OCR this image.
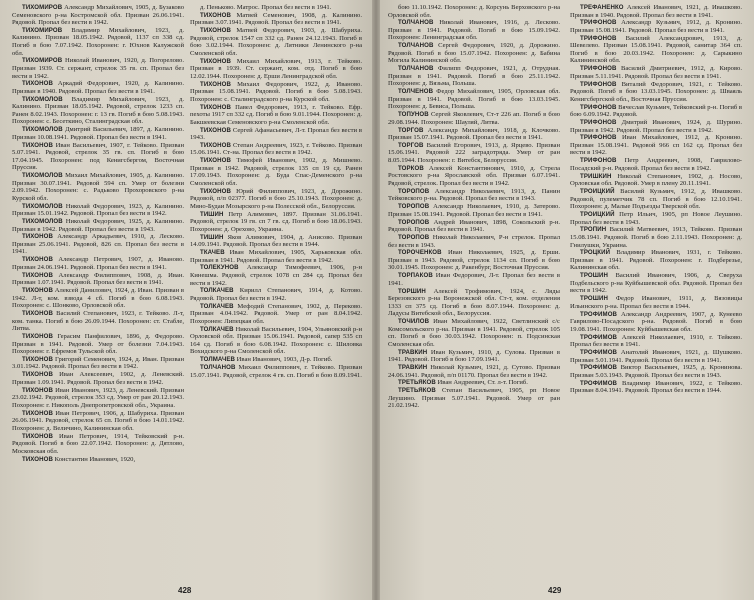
ТИХОМИРОВ Александр Михайлович, 1905, д. Бузаково Семеновского р-на Костромской обл. Призван 26.06.1941. Рядовой. Пропал без вести в 1942.

ТИХОМИРОВ Владимир Михайлович, 1923, д. Калинино. Призван 18.05.1942. Рядовой, 1137 сп 338 сд. Погиб в бою 7.07.1942. Похоронен: г. Юхнов Калужской обл.

ТИХОМИРОВ Николай Иванович, 1920, д. Погорелово. Призван 1939. Ст. сержант, стрелок 35 гв. сп. Пропал без вести в 1942.

ТИХОНОВ Аркадий Федорович, 1920, д. Калинино. Призван в 1940. Рядовой. Пропал без вести в 1941.

ТИХОМОЛОВ Владимир Михайлович, 1923, д. Калинино. Призван 18.05.1942. Рядовой, стрелок 1233 сп. Ранен 8.02.1943. Похоронен: г. 13 гв. Погиб в бою 5.08.1943. Похоронен: с. Бесеткино, Сталинградская обл.

ТИХОМОЛОВ Дмитрий Васильевич, 1897, д. Калинино. Призван 10.08.1941. Рядовой. Пропал без вести в 1941.

ТИХОНОВ Иван Васильевич, 1907, г. Тейково. Призван 5.07.1941. Рядовой, стрелок 35 гв. сп. Погиб в бою 17.04.1945. Похоронен: под Кенигсбергом, Восточная Пруссия.

ТИХОМОЛОВ Михаил Михайлович, 1905, д. Калинино. Призван 30.07.1941. Рядовой 594 сп. Умер от болезни 2.09.1942. Похоронен: с. Радьково Прохоровского р-на Курской обл.

ТИХОМОЛОВ Николай Федорович, 1923, д. Калинино. Призван 15.01.1942. Рядовой. Пропал без вести в 1942.

ТИХОМОЛОВ Николай Федорович, 1925, д. Калинино. Призван в 1942. Рядовой. Пропал без вести в 1943.

ТИХОНОВ Александр Аркадьевич, 1910, д. Лесково. Призван 25.06.1941. Рядовой, 826 сп. Пропал без вести в 1941.

ТИХОНОВ Александр Петрович, 1907, д. Иваново. Призван 24.06.1941. Рядовой. Пропал без вести в 1941.

ТИХОНОВ Александр Филиппович, 1908, д. Иван. Призван 1.07.1941. Рядовой. Пропал без вести в 1941.

ТИХОНОВ Алексей Данилович, 1924, д. Иван. Призван в 1942. Л-т, ком. взвода 4 сб. Погиб в бою 6.08.1943. Похоронен: с. Шонково, Орловской обл.

ТИХОНОВ Василий Степанович, 1923, г. Тейково. Л-т, ком. танка. Погиб в бою 26.09.1944. Похоронен: ст. Стабле, Литва.

ТИХОНОВ Герасим Панфилович, 1896, д. Федорово. Призван в 1941. Рядовой. Умер от болезни 7.04.1943. Похоронен: г. Ефремов Тульской обл.

ТИХОНОВ Григорий Семенович, 1924, д. Иван. Призван 3.01.1942. Рядовой. Пропал без вести в 1942.

ТИХОНОВ Иван Алексеевич, 1902, д. Леневский. Призван 1.09.1941. Рядовой. Пропал без вести в 1942.

ТИХОНОВ Иван Иванович, 1923, д. Леневский. Призван 23.02.1942. Рядовой, стрелок 353 сд. Умер от ран 20.12.1943. Похоронен: г. Никополь Днепропетровской обл., Украина.

ТИХОНОВ Иван Петрович, 1906, д. Шабурихa. Призван 26.06.1941. Рядовой, стрелок 65 сп. Погиб в бою 14.01.1942. Похоронен: д. Величино, Калининская обл.

ТИХОНОВ Иван Петрович, 1914, Тейковский р-н. Рядовой. Погиб в бою 22.07.1942. Похоронен: д. Дятлово, Московская обл.

ТИХОНОВ Константин Иванович, 1920,

д. Пеньково. Матрос. Пропал без вести в 1941.

ТИХОНОВ Матвей Семенович, 1908, д. Калинино. Призван 3.07.1941. Рядовой. Пропал без вести в 1941.

ТИХОНОВ Матвей Федорович, 1903, д. Шабурихa. Рядовой, стрелок 1547 сп 332 сд. Ранен 24.12.1943. Погиб в бою 3.02.1944. Похоронен: д. Лятники Ленинского р-на Смоленской обл.

ТИХОНОВ Михаил Михайлович, 1913, г. Тейково. Призван в 1939. Ст. сержант, ком. отд. Погиб в бою 12.02.1944. Похоронен: д. Ерши Ленинградской обл.

ТИХОНОВ Михаил Федорович, 1922, д. Иваново. Призван 15.08.1941. Рядовой. Погиб в бою 5.08.1943. Похоронен: с. Сталинградского р-на Курской обл.

ТИХОНОВ Павел Федорович, 1913, г. Тейково. Ефр. пехоты 1917 сп 332 сд. Погиб в бою 9.01.1944. Похоронен: д. Бакшеевская Семеновского р-на Смоленской обл.

ТИХОНОВ Сергей Афанасьевич, Л-т. Пропал без вести в 1943.

ТИХОНОВ Степан Андреевич, 1923, г. Тейково. Призван 15.06.1941. Ст-на. Пропал без вести в 1942.

ТИХОНОВ Тимофей Иванович, 1902, д. Мишнево. Призван в 1942. Рядовой, стрелок 135 сп 19 сд. Ранен 17.09.1943. Похоронен: д. Буда Спас-Деменского р-на Смоленской обл.

ТИХОНОВ Юрий Филиппович, 1923, д. Дорожино. Рядовой, п/п 02377. Погиб в бою 25.10.1943. Похоронен: д. Мяно-Будаи Мозырского р-на Полесской обл., Белоруссия.

ТИШИН Петр Алимович, 1897. Призван 31.06.1941. Рядовой, стрелок 19 гв. сп 7 гв. сд. Погиб в бою 18.06.1943. Похоронен: д. Орехово, Украина.

ТИШИН Яков Алимович, 1904, д. Анисово. Призван 14.09.1941. Рядовой. Пропал без вести в 1944.

ТКАЧЕВ Иван Михайлович, 1905, Харьковская обл. Призван в 1941. Рядовой. Пропал без вести в 1942.

ТОЛЕКУНОВ Александр Тимофеевич, 1906, р-н Кинешма. Рядовой, стрелок 1078 сп 284 сд. Пропал без вести в 1942.

ТОЛКАЧЕВ Кирилл Степанович, 1914, д. Котово. Рядовой. Пропал без вести в 1942.

ТОЛКАЧЕВ Мефодий Степанович, 1902, д. Переково. Призван 4.04.1942. Рядовой. Умер от ран 8.04.1942. Похоронен: Липецкая обл.

ТОЛКАЧЕВ Николай Васильевич, 1904, Ульяновский р-н Орловской обл. Призван 15.06.1941. Рядовой, сапер 535 сп 164 сд. Погиб в бою 6.08.1942. Похоронен: с. Шиловка Вохидского р-на Смоленской обл.

ТОЛМАЧЕВ Иван Иванович, 1903, Д-р. Погиб.

ТОЛЧАНОВ Михаил Филиппович, г. Тейково. Призван 15.07.1941. Рядовой, стрелок 4 гв. сп. Погиб в бою 8.09.1941.

428

бою 11.10.1942. Похоронен: д. Корсунь Верховского р-на Орловской обл.

ТОЛЧАНОВ Николай Иванович, 1916, д. Лесково. Призван в 1941. Рядовой. Погиб в бою 15.09.1942. Похоронен: Ленинградская обл.

ТОЛЧАНОВ Сергей Федорович, 1920, д. Дорожино. Рядовой. Погиб в бою 15.07.1942. Похоронен: д. Бабина Могила Калининской обл.

ТОЛЧАНОВ Филипп Федорович, 1921, д. Отрудная. Призван в 1941. Рядовой. Погиб в бою 25.11.1942. Похоронен: д. Вязьма, Польша.

ТОЛЧЕНОВ Федор Михайлович, 1905, Орловская обл. Призван в 1941. Рядовой. Погиб в бою 13.03.1945. Похоронен: д. Бевиса, Польша.

ТОПУНОВ Сергей Яковлевич, Ст-т 226 ап. Погиб в бою 29.08.1944. Похоронен: Шауляй, Литва.

ТОРГОВ Александр Михайлович, 1918, д. Клочково. Призван 15.07.1941. Рядовой. Пропал без вести в 1941.

ТОРГОВ Василий Егорович, 1913, д. Ярцево. Призван 15.06.1941. Рядовой 222 заградотряда. Умер от ран 8.05.1944. Похоронен: г. Витебск, Белоруссия.

ТОРКОВ Алексей Константинович, 1910, д. Стрела Ростовского р-на Ярославской обл. Призван 6.07.1941. Рядовой, стрелок. Пропал без вести в 1942.

ТОРОПОВ Александр Николаевич, 1913, д. Панин Тейковского р-на. Рядовой. Пропал без вести в 1943.

ТОРОПОВ Александр Николаевич, 1910, д. Затерово. Призван 15.08.1941. Рядовой. Пропал без вести в 1941.

ТОРОПОВ Андрей Иванович, 1898, Сокольский р-н. Рядовой. Пропал без вести в 1941.

ТОРОПОВ Николай Николаевич, Р-н стрелок. Пропал без вести в 1943.

ТОРОЧЕНКОВ Иван Николаевич, 1925, д. Ерши. Призван в 1943. Рядовой, стрелок 1134 сп. Погиб в бою 30.01.1945. Похоронен: д. Ракенбург, Восточная Пруссия.

ТОРПАКОВ Иван Федорович, Л-т. Пропал без вести в 1941.

ТОРШИН Алексей Трофимович, 1924, с. Ляды Березовского р-на Воронежской обл. Ст-т, ком. отделения 1333 сп 375 сд. Погиб в бою 8.07.1944. Похоронен: д. Ладусы Витебской обл., Белоруссия.

ТОЧИЛОВ Иван Михайлович, 1922, Светлинский с/с Комсомольского р-на. Призван в 1941. Рядовой, стрелок 105 сп. Погиб в бою 30.03.1942. Похоронен: п. Подсинская Смоленская обл.

ТРАВКИН Иван Кузьмич, 1910, д. Сулова. Призван в 1941. Рядовой. Погиб в бою 17.09.1941.

ТРАВКИН Николай Кузьмич, 1921, д. Сутово. Призван 24.06.1941. Рядовой, п/п 01170. Пропал без вести в 1942.

ТРЕТЬЯКОВ Иван Андреевич, Ст. л-т. Погиб.

ТРЕТЬЯКОВ Степан Васильевич, 1905, рп Новое Леушино. Призван 5.07.1941. Рядовой. Умер от ран 21.02.1942.

ТРЕФАНЕНКО Алексей Иванович, 1921, д. Ивашково. Призван в 1940. Рядовой. Пропал без вести в 1941.

ТРИФОНОВ Александр Кузьмич, 1912, д. Кронино. Призван 15.08.1941. Рядовой. Пропал без вести в 1941.

ТРИФОНОВ Василий Александрович, 1913, д. Шевелево. Призван 15.08.1941. Рядовой, санитар 364 сп. Погиб в бою 20.03.1942. Похоронен: д. Сарыкино Калининской обл.

ТРИФОНОВ Василий Дмитриевич, 1912, д. Кирово. Призван 5.11.1941. Рядовой. Пропал без вести в 1941.

ТРИФОНОВ Виталий Федорович, 1921, г. Тейково. Рядовой. Погиб в бою 13.03.1945. Похоронен: д. Шваяль Кенигсбергской обл., Восточная Пруссия.

ТРИФОНОВ Вячеслав Кузьмич, Тейковский р-н. Погиб в бою 6.09.1942. Рядовой.

ТРИФОНОВ Дмитрий Иванович, 1924, д. Шурино. Призван в 1942. Рядовой. Пропал без вести в 1942.

ТРИФОНОВ Иван Михайлович, 1912, д. Кронино. Призван 15.08.1941. Рядовой 966 сп 162 сд. Пропал без вести в 1942.

ТРИФОНОВ Петр Андреевич, 1908, Гавриловo-Посадский р-н. Рядовой. Пропал без вести в 1942.

ТРИШКИН Николай Степанович, 1902, д. Носово, Орловская обл. Рядовой. Умер в плену 20.11.1941.

ТРОИЦКИЙ Василий Кузьмич, 1912, д. Ивашково. Рядовой, пулеметчик 78 сп. Погиб в бою 12.10.1941. Похоронен: д. Малые Подъезды Тверской обл.

ТРОИЦКИЙ Петр Ильич, 1905, рп Новое Леушино. Пропал без вести в 1943.

ТРОПИН Василий Матвеевич, 1913, Тейково. Призван 15.08.1941. Рядовой. Погиб в бою 2.11.1943. Похоронен: д. Гнилушки, Украина.

ТРОЦКИЙ Владимир Иванович, 1931, г. Тейково. Призван в 1941. Рядовой. Похоронен: г. Подберезье, Калининская обл.

ТРОШИН Василий Иванович, 1906, д. Сверуха Подбельского р-на Куйбышевской обл. Рядовой. Пропал без вести в 1942.

ТРОШИН Федор Иванович, 1911, д. Вязовицы Ильинского р-на. Пропал без вести в 1944.

ТРОФИМОВ Александр Андреевич, 1907, д. Кунеево Гаврилово-Посадского р-на. Рядовой. Погиб в бою 19.08.1941. Похоронен: Куйбышевская обл.

ТРОФИМОВ Алексей Николаевич, 1910, г. Тейково. Пропал без вести в 1941.

ТРОФИМОВ Анатолий Иванович, 1921, д. Шушково. Призван 5.01.1941. Рядовой. Пропал без вести в 1941.

ТРОФИМОВ Виктор Васильевич, 1925, д. Кронинова. Призван 5.03.1943. Рядовой. Пропал без вести в 1943.

ТРОФИМОВ Владимир Иванович, 1922, г. Тейково. Призван 8.04.1941. Рядовой. Пропал без вести в 1944.

429
